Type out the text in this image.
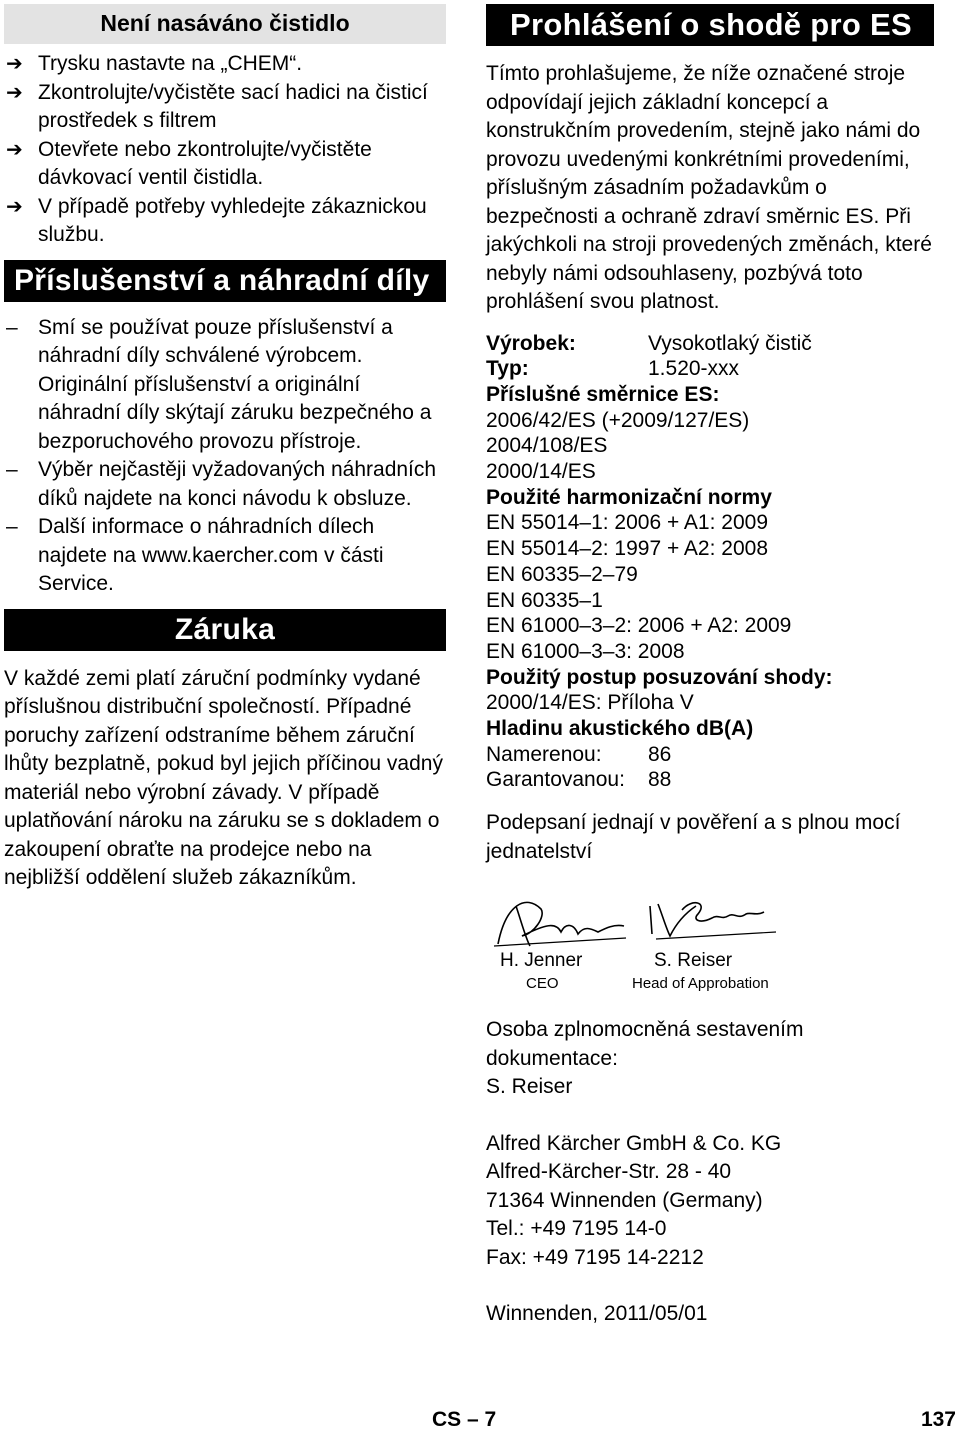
Není nasáváno čistidlo
➔ Trysku nastavte na „CHEM“.
➔ Zkontrolujte/vyčistěte sací hadici na čisticí prostředek s filtrem
➔ Otevřete nebo zkontrolujte/vyčistěte dávkovací ventil čistidla.
➔ V případě potřeby vyhledejte zákaznickou službu.
Příslušenství a náhradní díly
– Smí se používat pouze příslušenství a náhradní díly schválené výrobcem. Originální příslušenství a originální náhradní díly skýtají záruku bezpečného a bezporuchového provozu přístroje.

– Výběr nejčastěji vyžadovaných náhradních díků najdete na konci návodu k obsluze.

– Další informace o náhradních dílech najdete na www.kaercher.com v části Service.

Záruka

V každé zemi platí záruční podmínky vydané příslušnou distribuční společností. Případné poruchy zařízení odstraníme během záruční lhůty bezplatně, pokud byl jejich příčinou vadný materiál nebo výrobní závady. V případě uplatňování nároku na záruku se s dokladem o zakoupení obraťte na prodejce nebo na nejbližší oddělení služeb zákazníkům.

Prohlášení o shodě pro ES

Tímto prohlašujeme, že níže označené stroje odpovídají jejich základní koncepcí a konstrukčním provedením, stejně jako námi do provozu uvedenými konkrétními provedeními, příslušným zásadním požadavkům o bezpečnosti a ochraně zdraví směrnic ES. Při jakýchkoli na stroji provedených změnách, které nebyly námi odsouhlaseny, pozbývá toto prohlášení svou platnost.

Výrobek:	Vysokotlaký čistič
Typ:	1.520-xxx
Příslušné směrnice ES:
2006/42/ES (+2009/127/ES)
2004/108/ES
2000/14/ES
Použité harmonizační normy
EN 55014–1: 2006 + A1: 2009
EN 55014–2: 1997 + A2: 2008
EN 60335–2–79
EN 60335–1
EN 61000–3–2: 2006 + A2: 2009
EN 61000–3–3: 2008
Použitý postup posuzování shody:
2000/14/ES: Příloha V
Hladinu akustického dB(A)
Namerenou:	86
Garantovanou:	88

Podepsaní jednají v pověření a s plnou mocí jednatelství

H. Jenner
CEO
S. Reiser
Head of Approbation

Osoba zplnomocněná sestavením dokumentace:

S. Reiser

Alfred Kärcher GmbH & Co. KG

Alfred-Kärcher-Str. 28 - 40

71364 Winnenden (Germany)

Tel.: +49 7195 14-0

Fax: +49 7195 14-2212

Winnenden, 2011/05/01

CS – 7	137
